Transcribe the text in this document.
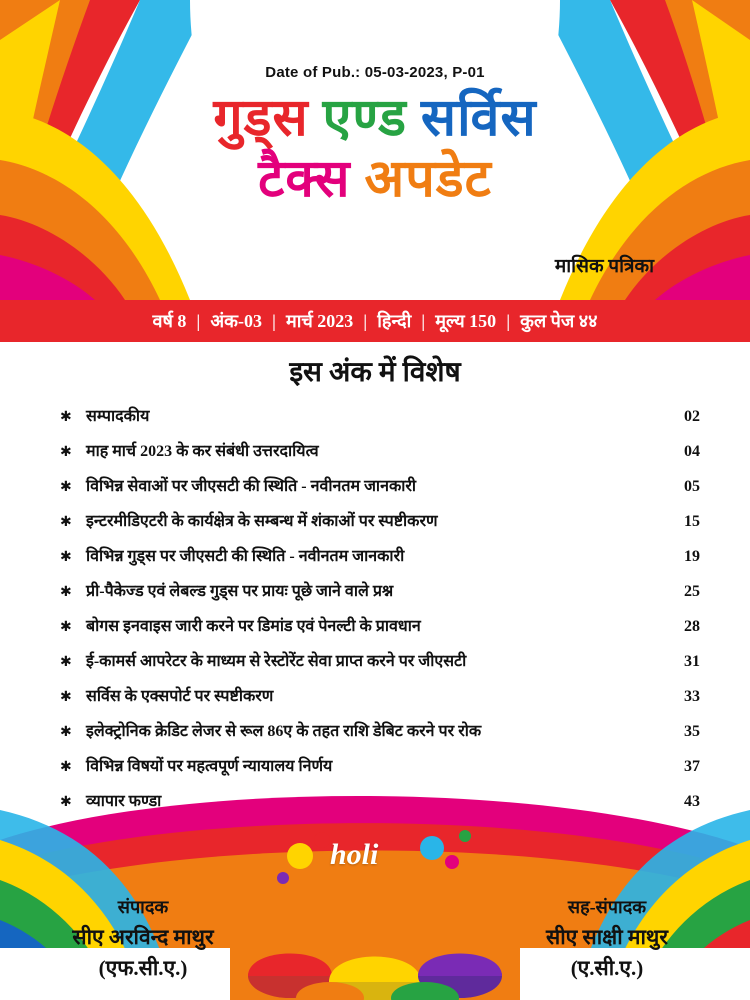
Date of Pub.: 05-03-2023, P-01
गुड्स एण्ड सर्विस
टैक्स अपडेट
मासिक पत्रिका
वर्ष 8 | अंक-03 | मार्च 2023 | हिन्दी | मूल्य 150 | कुल पेज ४४
इस अंक में विशेष
✱ सम्पादकीय	02
✱ माह मार्च 2023 के कर संबंधी उत्तरदायित्व	04
✱ विभिन्न सेवाओं पर जीएसटी की स्थिति - नवीनतम जानकारी	05
✱ इन्टरमीडिएटरी के कार्यक्षेत्र के सम्बन्ध में शंकाओं पर स्पष्टीकरण	15
✱ विभिन्न गुड्स पर जीएसटी की स्थिति - नवीनतम जानकारी	19
✱ प्री-पैकेज्ड एवं लेबल्ड गुड्स पर प्रायः पूछे जाने वाले प्रश्न	25
✱ बोगस इनवाइस जारी करने पर डिमांड एवं पेनल्टी के प्रावधान	28
✱ ई-कामर्स आपरेटर के माध्यम से रेस्टोरेंट सेवा प्राप्त करने पर जीएसटी	31
✱ सर्विस के एक्सपोर्ट पर स्पष्टीकरण	33
✱ इलेक्ट्रोनिक क्रेडिट लेजर से रूल 86ए के तहत राशि डेबिट करने पर रोक	35
✱ विभिन्न विषयों पर महत्वपूर्ण न्यायालय निर्णय	37
✱ व्यापार फण्डा	43
holi
संपादक
सीए अरविन्द माथुर
(एफ.सी.ए.)
सह-संपादक
सीए साक्षी माथुर
(ए.सी.ए.)
